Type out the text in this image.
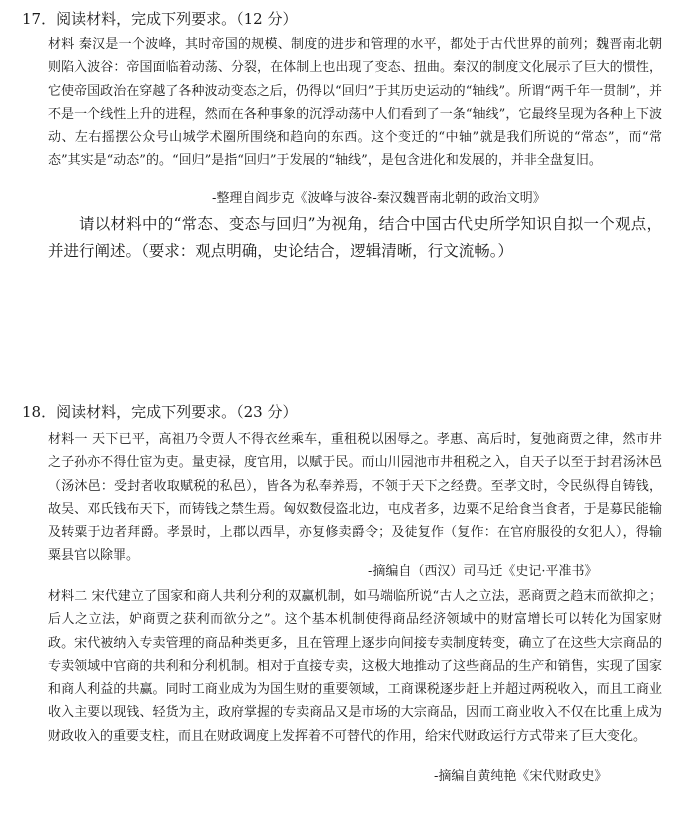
17．阅读材料，完成下列要求。（12 分）

材料 秦汉是一个波峰，其时帝国的规模、制度的进步和管理的水平，都处于古代世界的前列；魏晋南北朝则陷入波谷：帝国面临着动荡、分裂，在体制上也出现了变态、扭曲。秦汉的制度文化展示了巨大的惯性，它使帝国政治在穿越了各种波动变态之后，仍得以“回归”于其历史运动的“轴线”。所谓“两千年一贯制”，并不是一个线性上升的进程，然而在各种事象的沉浮动荡中人们看到了一条“轴线”，它最终呈现为各种上下波动、左右摇摆公众号山城学术圈所围绕和趋向的东西。这个变迁的“中轴”就是我们所说的“常态”，而“常态”其实是“动态”的。“回归”是指“回归”于发展的“轴线”，是包含进化和发展的，并非全盘复旧。

-整理自阎步克《波峰与波谷-秦汉魏晋南北朝的政治文明》

请以材料中的“常态、变态与回归”为视角，结合中国古代史所学知识自拟一个观点，并进行阐述。（要求：观点明确，史论结合，逻辑清晰，行文流畅。）

18．阅读材料，完成下列要求。（23 分）

材料一 天下已平，高祖乃令贾人不得衣丝乘车，重租税以困辱之。孝惠、高后时，复弛商贾之律，然市井之子孙亦不得仕宦为吏。量吏禄，度官用，以赋于民。而山川园池市井租税之入，自天子以至于封君汤沐邑（汤沐邑：受封者收取赋税的私邑），皆各为私奉养焉，不领于天下之经费。至孝文时，令民纵得自铸钱，故吴、邓氏钱布天下，而铸钱之禁生焉。匈奴数侵盗北边，屯戍者多，边粟不足给食当食者，于是募民能输及转粟于边者拜爵。孝景时，上郡以西旱，亦复修卖爵令；及徒复作（复作：在官府服役的女犯人），得输粟县官以除罪。

-摘编自（西汉）司马迁《史记·平准书》

材料二 宋代建立了国家和商人共利分利的双赢机制，如马端临所说“古人之立法，恶商贾之趋末而欲抑之；后人之立法，妒商贾之获利而欲分之”。这个基本机制使得商品经济领域中的财富增长可以转化为国家财政。宋代被纳入专卖管理的商品种类更多，且在管理上逐步向间接专卖制度转变，确立了在这些大宗商品的专卖领域中官商的共利和分利机制。相对于直接专卖，这极大地推动了这些商品的生产和销售，实现了国家和商人利益的共赢。同时工商业成为为国生财的重要领域，工商课税逐步赶上并超过两税收入，而且工商业收入主要以现钱、轻货为主，政府掌握的专卖商品又是市场的大宗商品，因而工商业收入不仅在比重上成为财政收入的重要支柱，而且在财政调度上发挥着不可替代的作用，给宋代财政运行方式带来了巨大变化。

-摘编自黄纯艳《宋代财政史》
